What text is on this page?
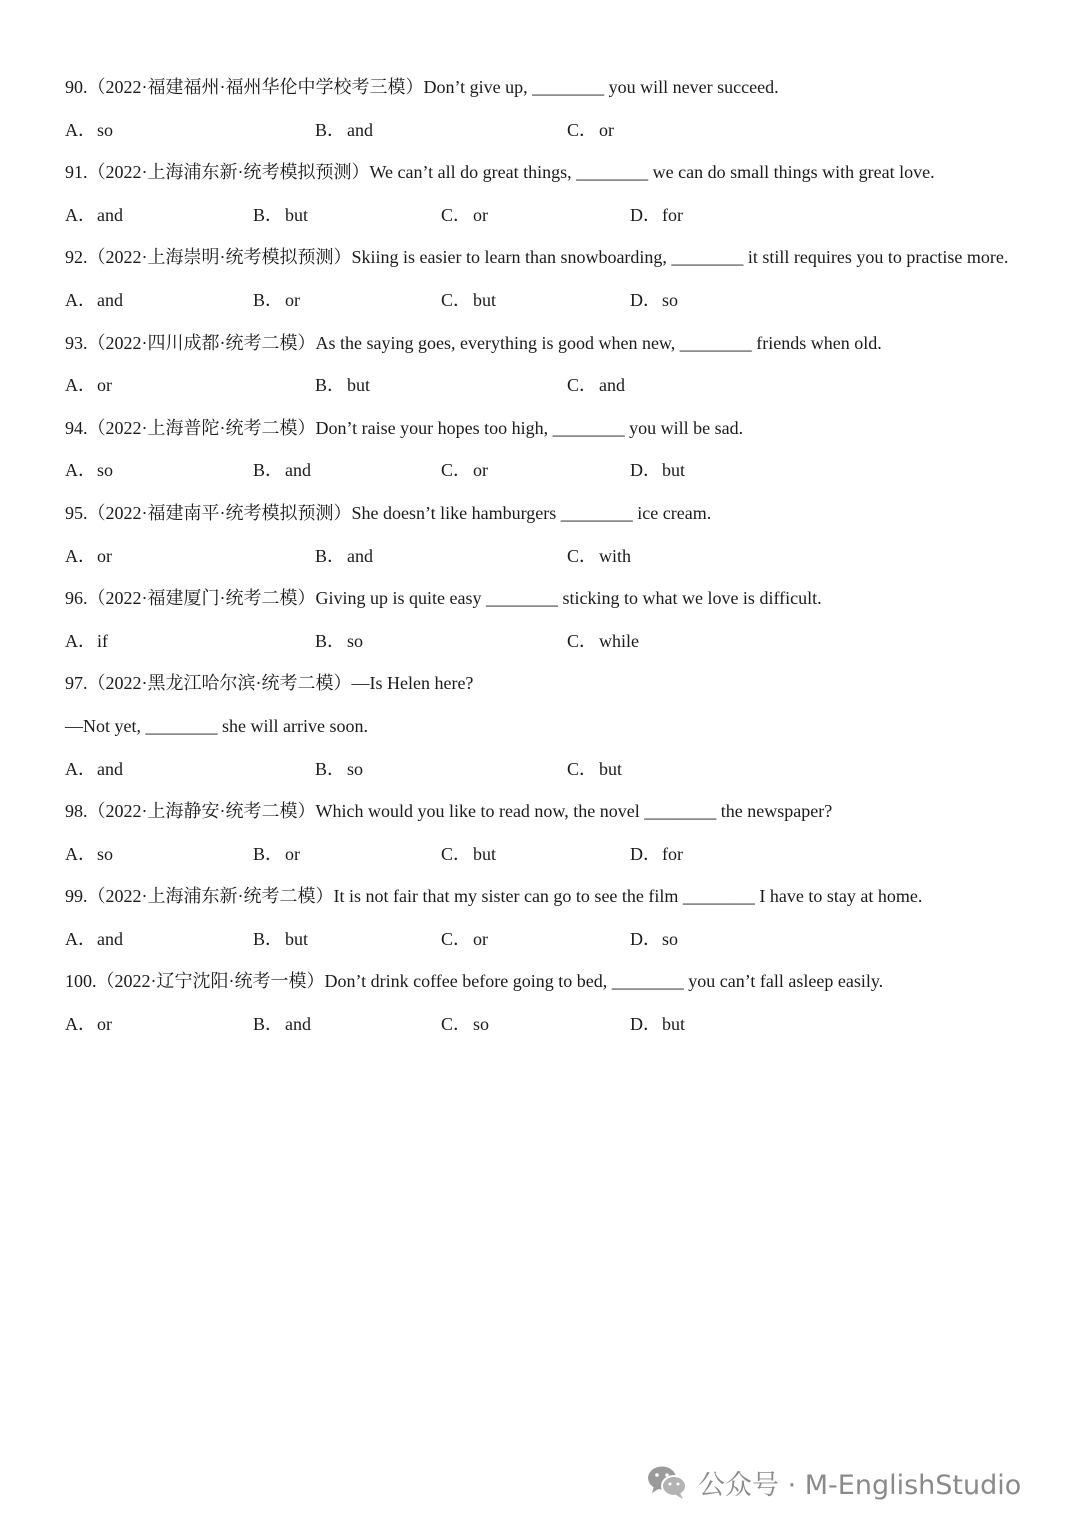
90.（2022·福建福州·福州华伦中学校考三模）Don’t give up, ________ you will never succeed.
A．so	B． and	C． or
91.（2022·上海浦东新·统考模拟预测）We can’t all do great things, ________ we can do small things with great love.
A．and	B． but	C． or	D．for
92.（2022·上海崇明·统考模拟预测）Skiing is easier to learn than snowboarding, ________ it still requires you to practise more.
A．and	B． or	C． but	D．so
93.（2022·四川成都·统考二模）As the saying goes, everything is good when new, ________ friends when old.
A．or	B． but	C． and
94.（2022·上海普陀·统考二模）Don’t raise your hopes too high, ________ you will be sad.
A．so	B． and	C． or	D．but
95.（2022·福建南平·统考模拟预测）She doesn’t like hamburgers ________ ice cream.
A．or	B． and	C． with
96.（2022·福建厦门·统考二模）Giving up is quite easy ________ sticking to what we love is difficult.
A．if	B． so	C． while
97.（2022·黑龙江哈尔滨·统考二模）—Is Helen here?
—Not yet, ________ she will arrive soon.
A．and	B． so	C． but
98.（2022·上海静安·统考二模）Which would you like to read now, the novel ________ the newspaper?
A．so	B． or	C． but	D．for
99.（2022·上海浦东新·统考二模）It is not fair that my sister can go to see the film ________ I have to stay at home.
A．and	B． but	C． or	D．so
100.（2022·辽宁沈阳·统考一模）Don’t drink coffee before going to bed, ________ you can’t fall asleep easily.
A．or	B． and	C． so	D．but
公众号 · M-EnglishStudio
